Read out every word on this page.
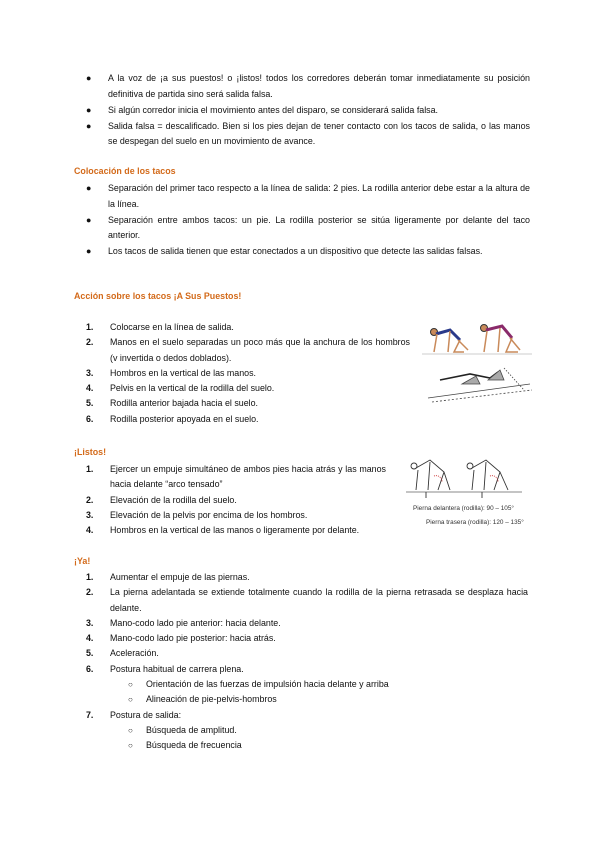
● A la voz de ¡a sus puestos! o ¡listos! todos los corredores deberán tomar inmediatamente su posición definitiva de partida sino será salida falsa.
● Si algún corredor inicia el movimiento antes del disparo, se considerará salida falsa.
● Salida falsa = descalificado. Bien si los pies dejan de tener contacto con los tacos de salida, o las manos se despegan del suelo en un movimiento de avance.
Colocación de los tacos
● Separación del primer taco respecto a la línea de salida: 2 pies. La rodilla anterior debe estar a la altura de la línea.
● Separación entre ambos tacos: un pie. La rodilla posterior se sitúa ligeramente por delante del taco anterior.
● Los tacos de salida tienen que estar conectados a un dispositivo que detecte las salidas falsas.
Acción sobre los tacos ¡A Sus Puestos!
1. Colocarse en la línea de salida.
2. Manos en el suelo separadas un poco más que la anchura de los hombros (v invertida o dedos doblados).
3. Hombros en la vertical de las manos.
4. Pelvis en la vertical de la rodilla del suelo.
5. Rodilla anterior bajada hacia el suelo.
6. Rodilla posterior apoyada en el suelo.
¡Listos!
1. Ejercer un empuje simultáneo de ambos pies hacia atrás y las manos hacia delante “arco tensado”
2. Elevación de la rodilla del suelo.
3. Elevación de la pelvis por encima de los hombros.
4. Hombros en la vertical de las manos o ligeramente por delante.
Pierna delantera (rodilla): 90 – 105°
Pierna trasera (rodilla): 120 – 135°
¡Ya!
1. Aumentar el empuje de las piernas.
2. La pierna adelantada se extiende totalmente cuando la rodilla de la pierna retrasada se desplaza hacia delante.
3. Mano-codo lado pie anterior: hacia delante.
4. Mano-codo lado pie posterior: hacia atrás.
5. Aceleración.
6. Postura habitual de carrera plena.
○ Orientación de las fuerzas de impulsión hacia delante y arriba
○ Alineación de pie-pelvis-hombros
7. Postura de salida:
○ Búsqueda de amplitud.
○ Búsqueda de frecuencia
